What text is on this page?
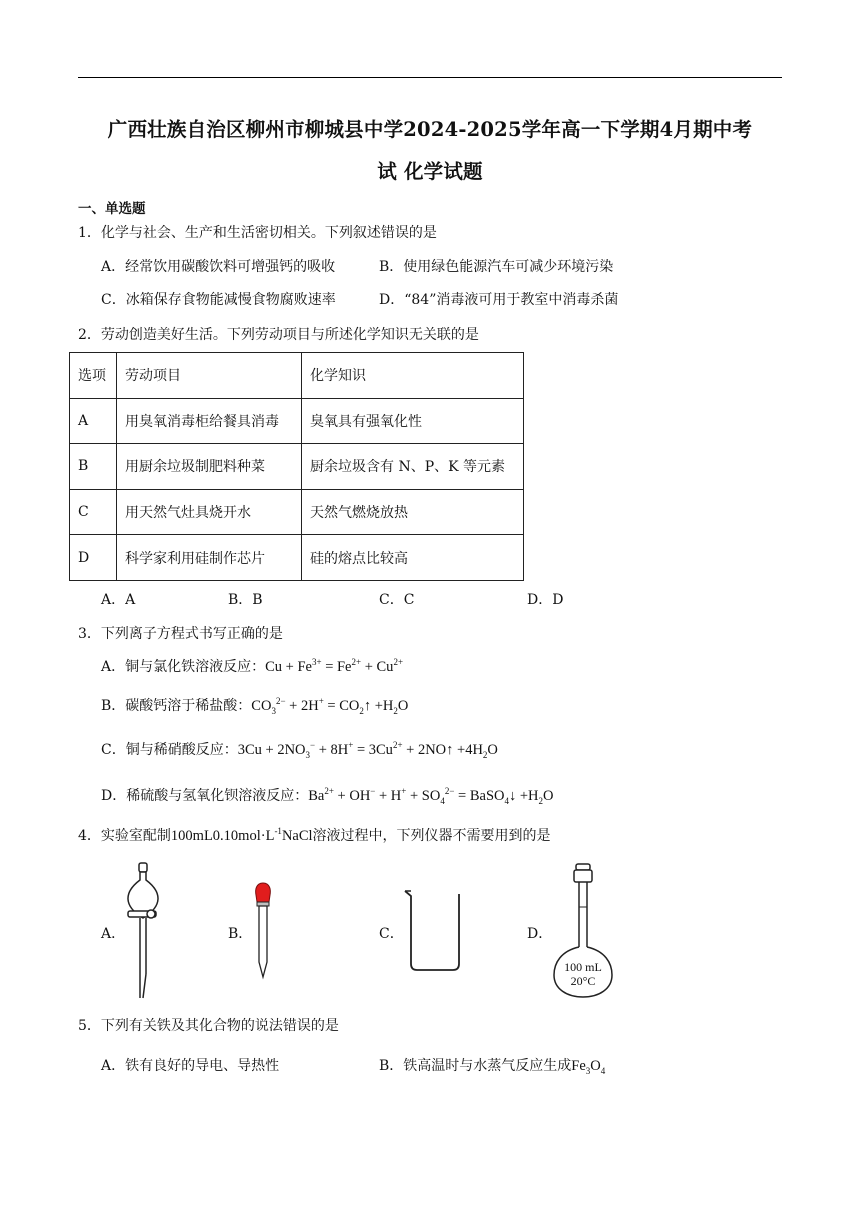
广西壮族自治区柳州市柳城县中学2024-2025学年高一下学期4月期中考
试 化学试题
一、单选题
1．化学与社会、生产和生活密切相关。下列叙述错误的是
A．经常饮用碳酸饮料可增强钙的吸收	B．使用绿色能源汽车可减少环境污染
C．冰箱保存食物能减慢食物腐败速率	D．“84”消毒液可用于教室中消毒杀菌
2．劳动创造美好生活。下列劳动项目与所述化学知识无关联的是
选项	劳动项目	化学知识
A	用臭氧消毒柜给餐具消毒	臭氧具有强氧化性
B	用厨余垃圾制肥料种菜	厨余垃圾含有 N、P、K 等元素
C	用天然气灶具烧开水	天然气燃烧放热
D	科学家利用硅制作芯片	硅的熔点比较高
A．A	B．B	C．C	D．D
3．下列离子方程式书写正确的是
A．铜与氯化铁溶液反应：$Cu + Fe^{3+} = Fe^{2+} + Cu^{2+}$
B．碳酸钙溶于稀盐酸：$CO_3^{2-} + 2H^+$ = $CO_2↑ +H_2O$
C．铜与稀硝酸反应：$3Cu + 2NO_3^- + 8H^+ = 3Cu^{2+}$ + 2NO↑ $+4H_2O$
D．稀硫酸与氢氧化钡溶液反应：$Ba^{2+} + OH^- + H^+ + SO_4^{2-}$ = BaSO$_4$↓ $+H_2O$
4．实验室配制$100mL0.10mol\cdot L^{-1}NaCl$溶液过程中，下列仪器不需要用到的是
A．	B．	C．	D．
100 mL
20°C
5．下列有关铁及其化合物的说法错误的是
A．铁有良好的导电、导热性	B．铁高温时与水蒸气反应生成$Fe_3O_4$
